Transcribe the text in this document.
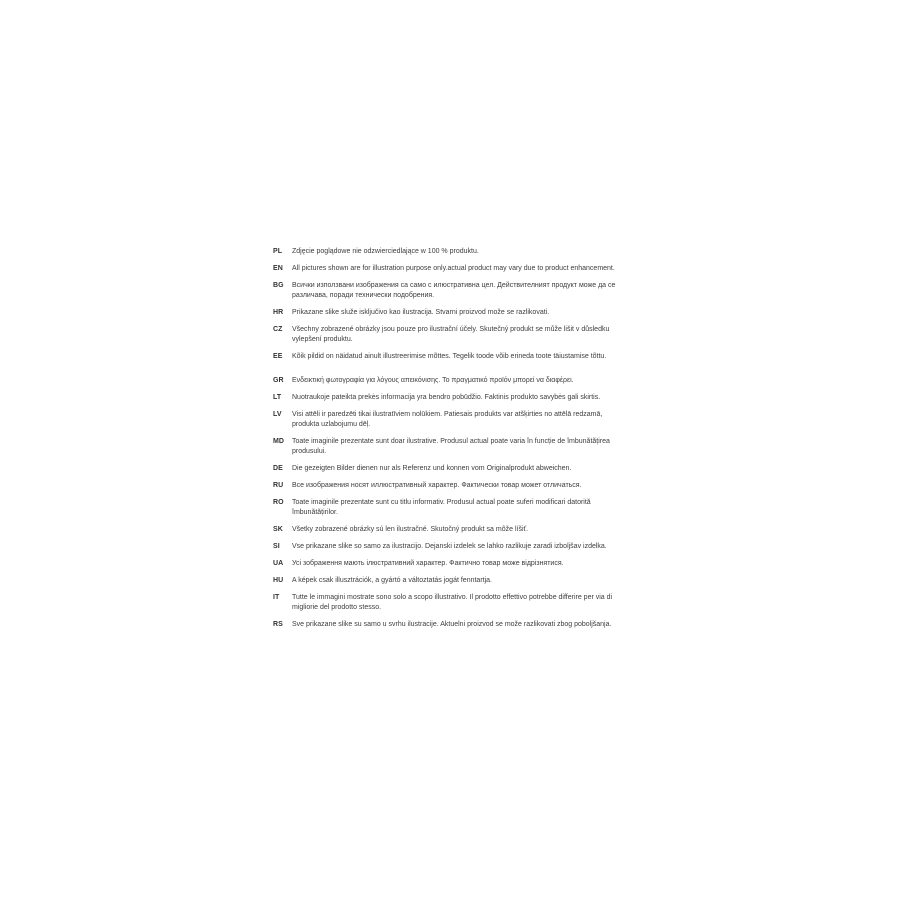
PL	Zdjęcie poglądowe nie odzwierciedlające w 100 % produktu.
EN	All pictures shown are for illustration purpose only.actual product may vary due to product enhancement.
BG	Всички използвани изображения са само с илюстративна цел. Действителният продукт може да се различава, поради технически подобрения.
HR	Prikazane slike služe isključivo kao ilustracija. Stvarni proizvod može se razlikovati.
CZ	Všechny zobrazené obrázky jsou pouze pro ilustrační účely. Skutečný produkt se může lišit v důsledku vylepšení produktu.
EE	Kõik pildid on näidatud ainult illustreerimise mõttes. Tegelik toode võib erineda toote täiustamise tõttu.
GR	Ενδεικτική φωτογραφία για λόγους απεικόνισης. Το πραγματικό προϊόν μπορεί να διαφέρει.
LT	Nuotraukoje pateikta prekės informacija yra bendro pobūdžio. Faktinis produkto savybės gali skirtis.
LV	Visi attēli ir paredzēti tikai ilustratīviem nolūkiem. Patiesais produkts var atšķirties no attēlā redzamā, produkta uzlabojumu dēļ.
MD	Toate imaginile prezentate sunt doar ilustrative. Produsul actual poate varia în funcție de îmbunătățirea produsului.
DE	Die gezeigten Bilder dienen nur als Referenz und konnen vom Originalprodukt abweichen.
RU	Все изображения носят иллюстративный характер. Фактически товар может отличаться.
RO	Toate imaginile prezentate sunt cu titlu informativ. Produsul actual poate suferi modificari datorită îmbunătățirilor.
SK	Všetky zobrazené obrázky sú len ilustračné. Skutočný produkt sa môže líšiť.
SI	Vse prikazane slike so samo za ilustracijo. Dejanski izdelek se lahko razlikuje zaradi izboljšav izdelka.
UA	Усі зображення мають ілюстративний характер. Фактично товар може відрізнятися.
HU	A képek csak illusztrációk, a gyártó a változtatás jogát fenntartja.
IT	Tutte le immagini mostrate sono solo a scopo illustrativo. Il prodotto effettivo potrebbe differire per via di migliorie del prodotto stesso.
RS	Sve prikazane slike su samo u svrhu ilustracije. Aktuelni proizvod se može razlikovati zbog poboljšanja.
